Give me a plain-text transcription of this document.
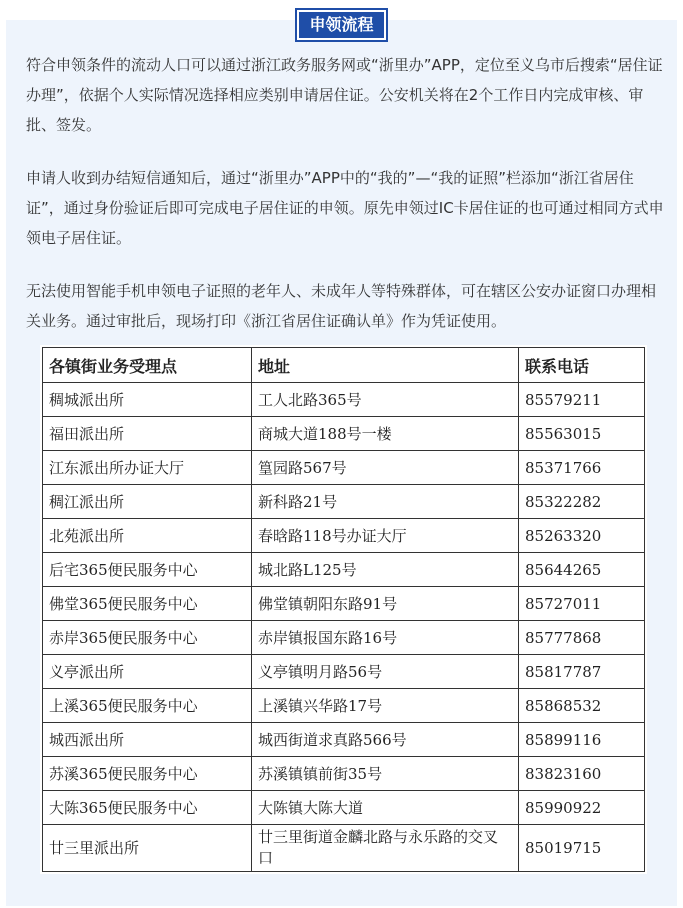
申领流程

符合申领条件的流动人口可以通过浙江政务服务网或“浙里办”APP，定位至义乌市后搜索“居住证办理”，依据个人实际情况选择相应类别申请居住证。公安机关将在2个工作日内完成审核、审批、签发。

申请人收到办结短信通知后，通过“浙里办”APP中的“我的”—“我的证照”栏添加“浙江省居住证”，通过身份验证后即可完成电子居住证的申领。原先申领过IC卡居住证的也可通过相同方式申领电子居住证。

无法使用智能手机申领电子证照的老年人、未成年人等特殊群体，可在辖区公安办证窗口办理相关业务。通过审批后，现场打印《浙江省居住证确认单》作为凭证使用。

各镇街业务受理点	地址	联系电话
稠城派出所	工人北路365号	85579211
福田派出所	商城大道188号一楼	85563015
江东派出所办证大厅	篁园路567号	85371766
稠江派出所	新科路21号	85322282
北苑派出所	春晗路118号办证大厅	85263320
后宅365便民服务中心	城北路L125号	85644265
佛堂365便民服务中心	佛堂镇朝阳东路91号	85727011
赤岸365便民服务中心	赤岸镇报国东路16号	85777868
义亭派出所	义亭镇明月路56号	85817787
上溪365便民服务中心	上溪镇兴华路17号	85868532
城西派出所	城西街道求真路566号	85899116
苏溪365便民服务中心	苏溪镇镇前街35号	83823160
大陈365便民服务中心	大陈镇大陈大道	85990922
廿三里派出所	廿三里街道金麟北路与永乐路的交叉口	85019715
